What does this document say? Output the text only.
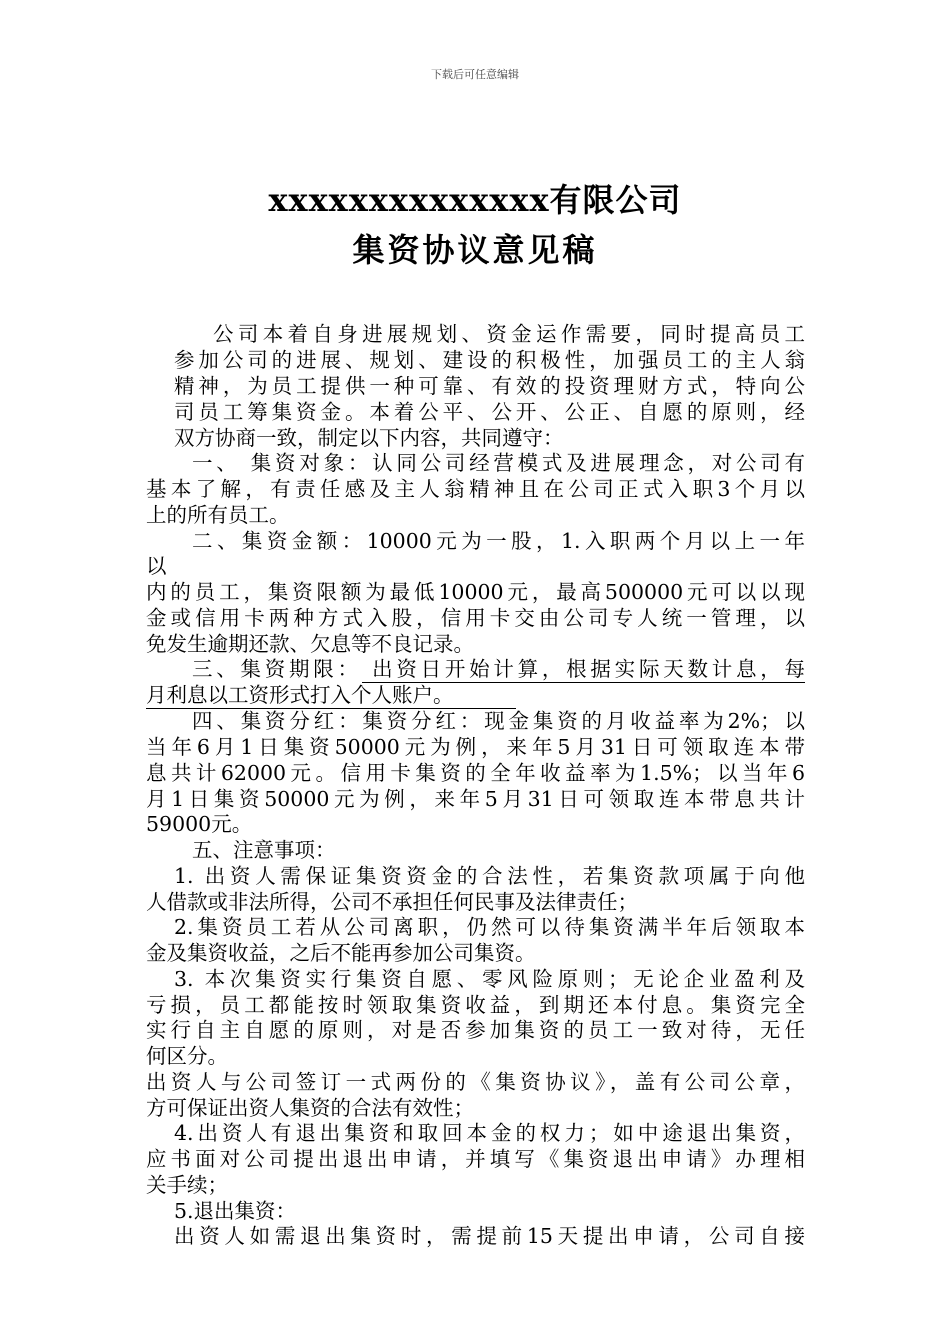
下载后可任意编辑
xxxxxxxxxxxxxx有限公司
集资协议意见稿
公司本着自身进展规划、资金运作需要，同时提高员工
参加公司的进展、规划、建设的积极性，加强员工的主人翁
精神，为员工提供一种可靠、有效的投资理财方式，特向公
司员工筹集资金。本着公平、公开、公正、自愿的原则，经
双方协商一致，制定以下内容，共同遵守：
一、 集资对象：认同公司经营模式及进展理念，对公司有
基本了解，有责任感及主人翁精神且在公司正式入职3个月以
上的所有员工。
二、集资金额：10000元为一股，1.入职两个月以上一年
以
内的员工，集资限额为最低10000元，最高500000元可以以现
金或信用卡两种方式入股，信用卡交由公司专人统一管理，以
免发生逾期还款、欠息等不良记录。
三、集资期限： 出资日开始计算，根据实际天数计息，每
月利息以工资形式打入个人账户。
四、集资分红：集资分红：现金集资的月收益率为2%；以
当年6月1日集资50000元为例，来年5月31日可领取连本带
息共计62000元。信用卡集资的全年收益率为1.5%；以当年6
月1日集资50000元为例，来年5月31日可领取连本带息共计
59000元。
五、注意事项：
1. 出资人需保证集资资金的合法性，若集资款项属于向他
人借款或非法所得，公司不承担任何民事及法律责任；
2.集资员工若从公司离职，仍然可以待集资满半年后领取本
金及集资收益，之后不能再参加公司集资。
3. 本次集资实行集资自愿、零风险原则；无论企业盈利及
亏损，员工都能按时领取集资收益，到期还本付息。集资完全
实行自主自愿的原则，对是否参加集资的员工一致对待，无任
何区分。
出资人与公司签订一式两份的《集资协议》，盖有公司公章，
方可保证出资人集资的合法有效性；
4.出资人有退出集资和取回本金的权力；如中途退出集资，
应书面对公司提出退出申请，并填写《集资退出申请》办理相
关手续；
5.退出集资：
出资人如需退出集资时，需提前15天提出申请，公司自接
